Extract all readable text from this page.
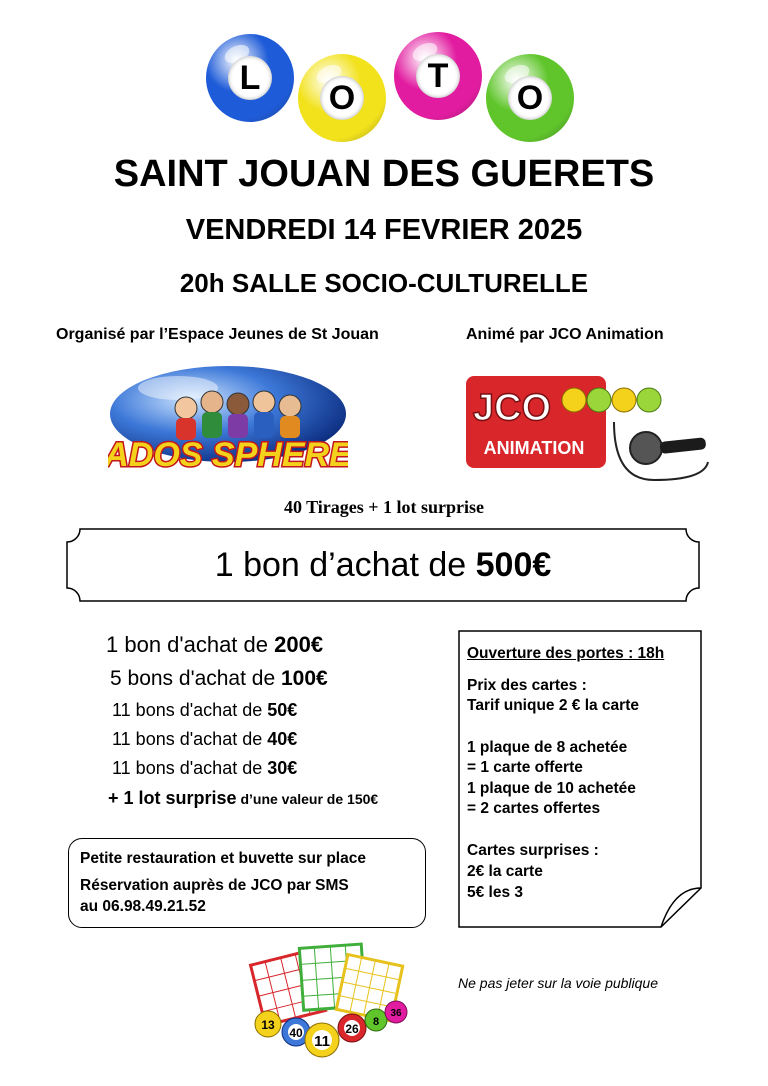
L
O
T
O
SAINT JOUAN DES GUERETS
VENDREDI 14 FEVRIER 2025
20h SALLE SOCIO-CULTURELLE
Organisé par l’Espace Jeunes de St Jouan	Animé par JCO Animation
ADOS SPHERE
JCO
ANIMATION
40 Tirages + 1 lot surprise
1 bon d’achat de 500€
1 bon d'achat de 200€
5 bons d'achat de 100€
11 bons d'achat de 50€
11 bons d'achat de 40€
11 bons d'achat de 30€
+ 1 lot surprise d’une valeur de 150€
Ouverture des portes : 18h
Prix des cartes :
Tarif unique 2 € la carte
1 plaque de 8 achetée
= 1 carte offerte
1 plaque de 10 achetée
= 2 cartes offertes
Cartes surprises :
2€ la carte
5€ les 3
Petite restauration et buvette sur place
Réservation auprès de JCO par SMS
au 06.98.49.21.52
13
40 11
26 8
36
Ne pas jeter sur la voie publique
